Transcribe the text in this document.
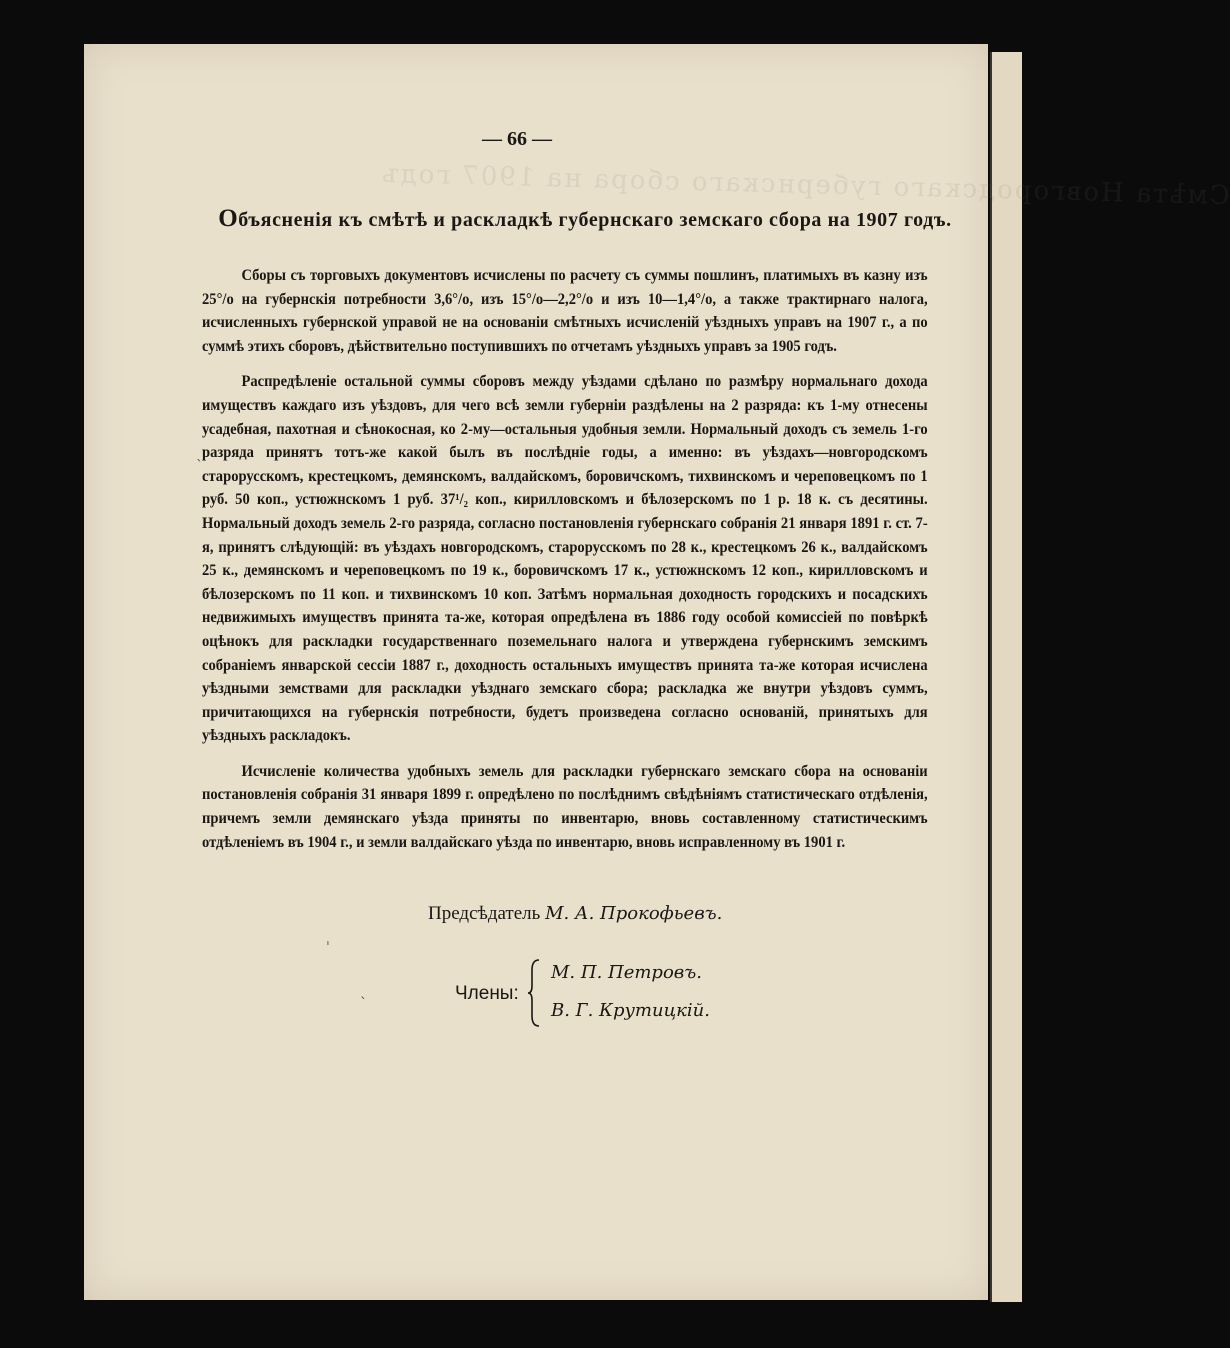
Смѣта Новгородскаго губернскаго сбора на 1907 годъ
— 66 —
Объясненія къ смѣтѣ и раскладкѣ губернскаго земскаго сбора на 1907 годъ.

Сборы съ торговыхъ документовъ исчислены по расчету съ суммы пошлинъ, платимыхъ въ казну изъ 25°/o на губернскія потребности 3,6°/o, изъ 15°/o—2,2°/o и изъ 10—1,4°/o, а также трактирнаго налога, исчисленныхъ губернской управой не на основаніи смѣтныхъ исчисленій уѣздныхъ управъ на 1907 г., а по суммѣ этихъ сборовъ, дѣйствительно поступившихъ по отчетамъ уѣздныхъ управъ за 1905 годъ.

Распредѣленіе остальной суммы сборовъ между уѣздами сдѣлано по размѣру нормальнаго дохода имуществъ каждаго изъ уѣздовъ, для чего всѣ земли губерніи раздѣлены на 2 разряда: къ 1-му отнесены усадебная, пахотная и сѣнокосная, ко 2-му—остальныя удобныя земли. Нормальный доходъ съ земель 1-го разряда принятъ тотъ-же какой былъ въ послѣдніе годы, а именно: въ уѣздахъ—новгородскомъ старорусскомъ, крестецкомъ, демянскомъ, валдайскомъ, боровичскомъ, тихвинскомъ и череповецкомъ по 1 руб. 50 коп., устюжнскомъ 1 руб. 37¹/₂ коп., кирилловскомъ и бѣлозерскомъ по 1 р. 18 к. съ десятины. Нормальный доходъ земель 2-го разряда, согласно постановленія губернскаго собранія 21 января 1891 г. ст. 7-я, принятъ слѣдующій: въ уѣздахъ новгородскомъ, старорусскомъ по 28 к., крестецкомъ 26 к., валдайскомъ 25 к., демянскомъ и череповецкомъ по 19 к., боровичскомъ 17 к., устюжнскомъ 12 коп., кирилловскомъ и бѣлозерскомъ по 11 коп. и тихвинскомъ 10 коп. Затѣмъ нормальная доходность городскихъ и посадскихъ недвижимыхъ имуществъ принята та-же, которая опредѣлена въ 1886 году особой комиссіей по повѣркѣ оцѣнокъ для раскладки государственнаго поземельнаго налога и утверждена губернскимъ земскимъ собраніемъ январской сессіи 1887 г., доходность остальныхъ имуществъ принята та-же которая исчислена уѣздными земствами для раскладки уѣзднаго земскаго сбора; раскладка же внутри уѣздовъ суммъ, причитающихся на губернскія потребности, будетъ произведена согласно основаній, принятыхъ для уѣздныхъ раскладокъ.

Исчисленіе количества удобныхъ земель для раскладки губернскаго земскаго сбора на основаніи постановленія собранія 31 января 1899 г. опредѣлено по послѣднимъ свѣдѣніямъ статистическаго отдѣленія, причемъ земли демянскаго уѣзда приняты по инвентарю, вновь составленному статистическимъ отдѣленіемъ въ 1904 г., и земли валдайскаго уѣзда по инвентарю, вновь исправленному въ 1901 г.

Предсѣдатель М. А. Прокофьевъ.
Члены:
М. П. Петровъ.
В. Г. Крутицкій.
ˎ
ˈ
ˋ
